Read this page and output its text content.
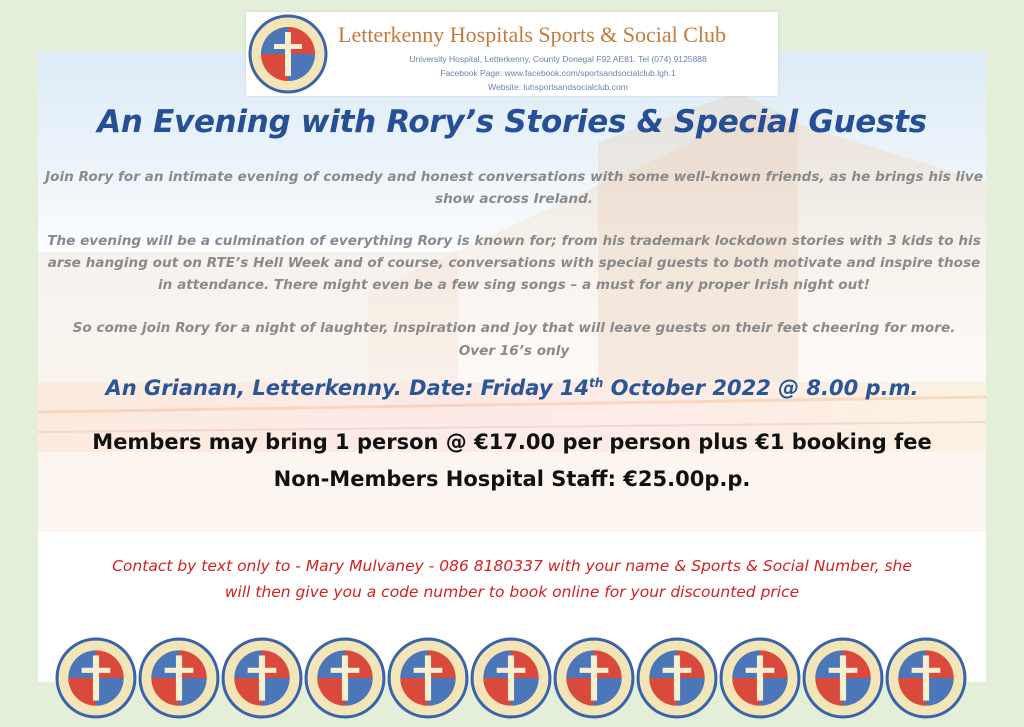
Letterkenny Hospitals Sports & Social Club
University Hospital, Letterkenny, County Donegal F92 AE81. Tel (074) 9125888
Facebook Page: www.facebook.com/sportsandsocialclub.lgh.1
Website: luhsportsandsocialclub.com
An Evening with Rory’s Stories & Special Guests
Join Rory for an intimate evening of comedy and honest conversations with some well-known friends, as he brings his live show across Ireland.
The evening will be a culmination of everything Rory is known for; from his trademark lockdown stories with 3 kids to his arse hanging out on RTE’s Hell Week and of course, conversations with special guests to both motivate and inspire those in attendance. There might even be a few sing songs – a must for any proper Irish night out!
So come join Rory for a night of laughter, inspiration and joy that will leave guests on their feet cheering for more.
Over 16’s only
An Grianan, Letterkenny. Date: Friday 14th October 2022 @ 8.00 p.m.
Members may bring 1 person @ €17.00 per person plus €1 booking fee
Non-Members Hospital Staff: €25.00p.p.
Contact by text only to - Mary Mulvaney - 086 8180337 with your name & Sports & Social Number, she
will then give you a code number to book online for your discounted price
